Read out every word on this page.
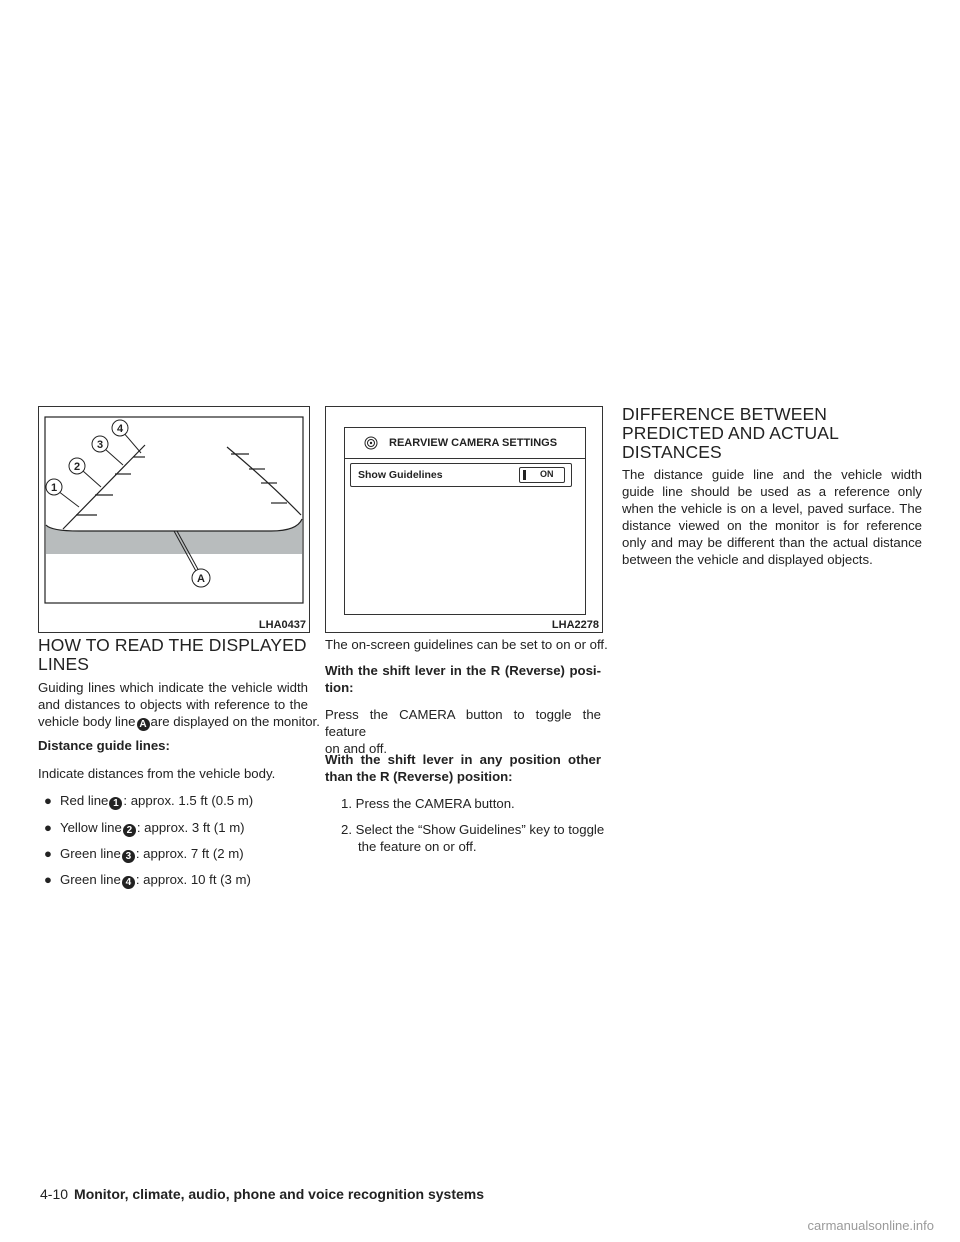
1
2
3
4
A
LHA0437
REARVIEW CAMERA SETTINGS
Show Guidelines	ON
LHA2278
HOW TO READ THE DISPLAYED
LINES

Guiding lines which indicate the vehicle width

and distances to objects with reference to the

vehicle body line A are displayed on the monitor.

Distance guide lines:

Indicate distances from the vehicle body.

● Red line 1 : approx. 1.5 ft (0.5 m)
● Yellow line 2 : approx. 3 ft (1 m)
● Green line 3 : approx. 7 ft (2 m)
● Green line 4 : approx. 10 ft (3 m)

The on-screen guidelines can be set to on or off.

With the shift lever in the R (Reverse) posi-

tion:

Press the CAMERA button to toggle the feature

on and off.

With the shift lever in any position other

than the R (Reverse) position:

1. Press the CAMERA button.

2. Select the “Show Guidelines” key to toggle

the feature on or off.

DIFFERENCE BETWEEN
PREDICTED AND ACTUAL
DISTANCES

The distance guide line and the vehicle width

guide line should be used as a reference only

when the vehicle is on a level, paved surface. The

distance viewed on the monitor is for reference

only and may be different than the actual distance

between the vehicle and displayed objects.

4-10 Monitor, climate, audio, phone and voice recognition systems
carmanualsonline.info
